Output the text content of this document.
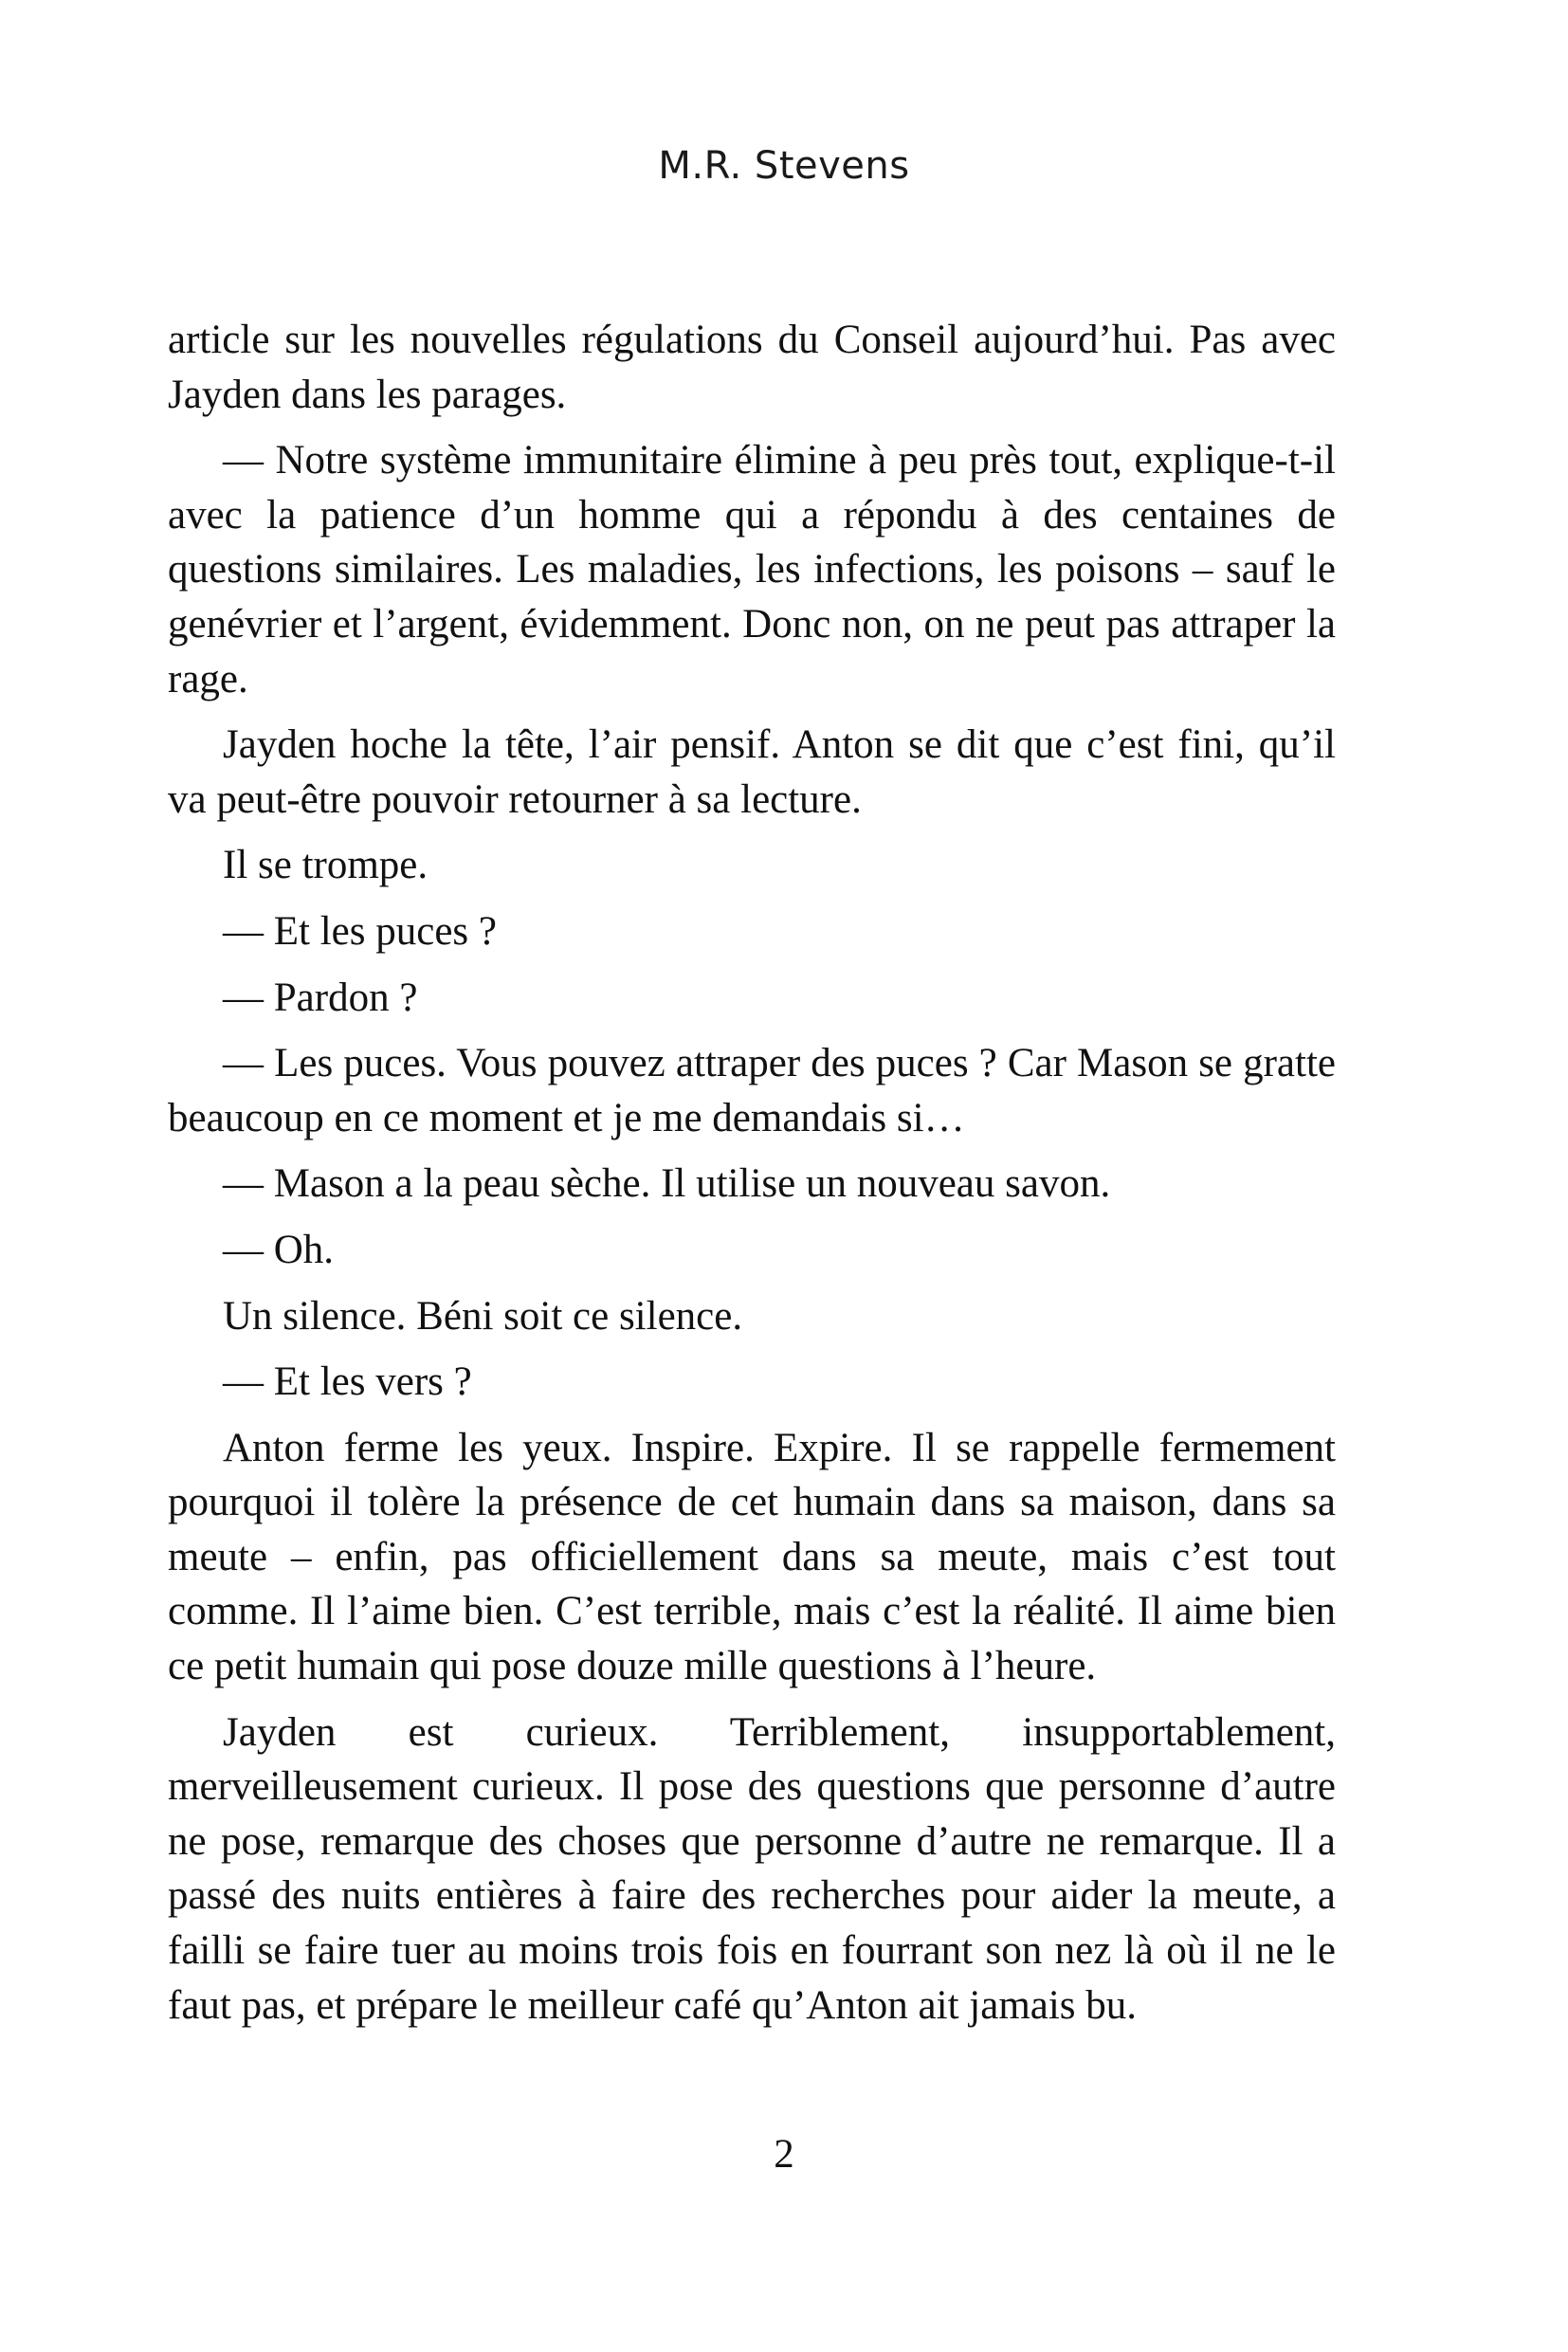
M.R. Stevens

article sur les nouvelles régulations du Conseil aujourd’hui. Pas avec Jayden dans les parages.

— Notre système immunitaire élimine à peu près tout, explique-t-il avec la patience d’un homme qui a répondu à des centaines de questions similaires. Les maladies, les infections, les poisons – sauf le genévrier et l’argent, évidemment. Donc non, on ne peut pas attraper la rage.

Jayden hoche la tête, l’air pensif. Anton se dit que c’est fini, qu’il va peut-être pouvoir retourner à sa lecture.

Il se trompe.

— Et les puces ?

— Pardon ?

— Les puces. Vous pouvez attraper des puces ? Car Mason se gratte beaucoup en ce moment et je me demandais si…

— Mason a la peau sèche. Il utilise un nouveau savon.

— Oh.

Un silence. Béni soit ce silence.

— Et les vers ?

Anton ferme les yeux. Inspire. Expire. Il se rappelle fermement pourquoi il tolère la présence de cet humain dans sa maison, dans sa meute – enfin, pas officiellement dans sa meute, mais c’est tout comme. Il l’aime bien. C’est terrible, mais c’est la réalité. Il aime bien ce petit humain qui pose douze mille questions à l’heure.

Jayden est curieux. Terriblement, insupportablement, merveilleusement curieux. Il pose des questions que personne d’autre ne pose, remarque des choses que personne d’autre ne remarque. Il a passé des nuits entières à faire des recherches pour aider la meute, a failli se faire tuer au moins trois fois en fourrant son nez là où il ne le faut pas, et prépare le meilleur café qu’Anton ait jamais bu.

2
